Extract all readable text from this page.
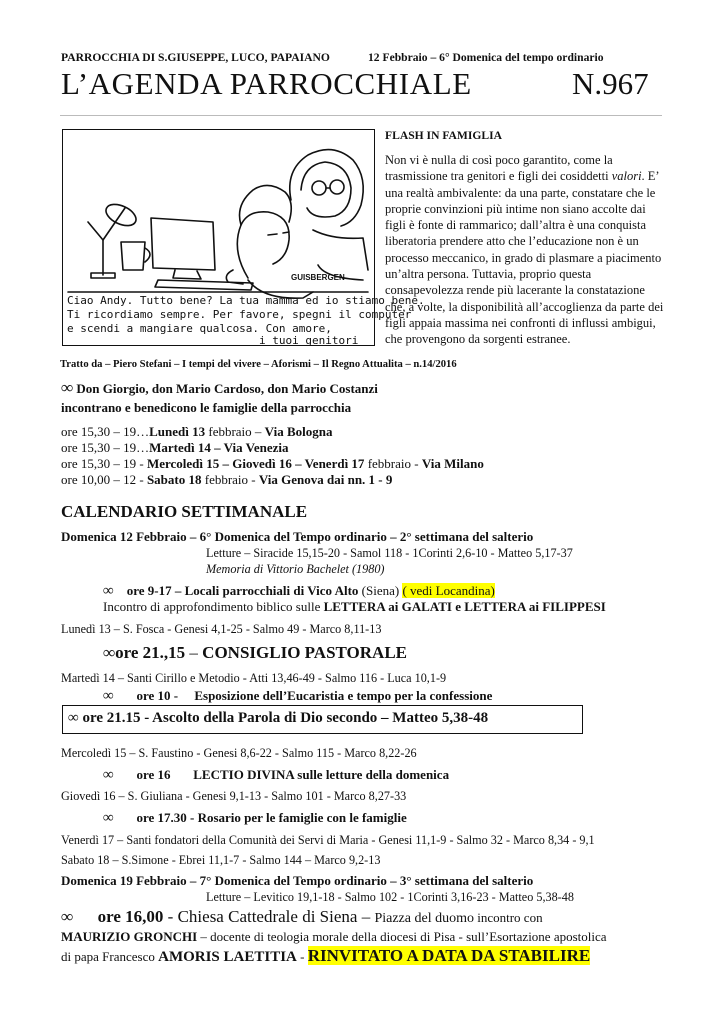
PARROCCHIA DI S.GIUSEPPE, LUCO, PAPAIANO	12 Febbraio – 6° Domenica del tempo ordinario
L’AGENDA PARROCCHIALE	N.967
GUISBERGEN
Ciao Andy. Tutto bene? La tua mamma ed io stiamo bene.
Ti ricordiamo sempre. Per favore, spegni il computer
e scendi a mangiare qualcosa. Con amore,
i tuoi genitori
FLASH IN FAMIGLIA
Non vi è nulla di così poco garantito, come la trasmissione tra genitori e figli dei cosiddetti valori. E’ una realtà ambivalente: da una parte, constatare che le proprie convinzioni più intime non siano accolte dai figli è fonte di rammarico; dall’altra è una conquista liberatoria prendere atto che l’educazione non è un processo meccanico, in grado di plasmare a piacimento un’altra persona. Tuttavia, proprio questa consapevolezza rende più lacerante la constatazione che, a volte, la disponibilità all’accoglienza da parte dei figli appaia massima nei confronti di influssi ambigui, che provengono da sorgenti estranee.
Tratto da – Piero Stefani – I tempi del vivere – Aforismi – Il Regno Attualita – n.14/2016
∞ Don Giorgio, don Mario Cardoso, don Mario Costanzi
incontrano e benedicono le famiglie della parrocchia
ore 15,30 – 19…Lunedì 13 febbraio – Via Bologna
ore 15,30 – 19…Martedì 14 – Via Venezia
ore 15,30 – 19 - Mercoledì 15 – Giovedì 16 – Venerdì 17 febbraio - Via Milano
ore 10,00 – 12 - Sabato 18 febbraio - Via Genova dai nn. 1 - 9
CALENDARIO SETTIMANALE
Domenica 12 Febbraio – 6° Domenica del Tempo ordinario – 2° settimana del salterio
Letture – Siracide 15,15-20 - Samol 118 - 1Corinti 2,6-10 - Matteo 5,17-37
Memoria di Vittorio Bachelet (1980)
∞ ore 9-17 – Locali parrocchiali di Vico Alto (Siena) ( vedi Locandina)
Incontro di approfondimento biblico sulle LETTERA ai GALATI e LETTERA ai FILIPPESI
Lunedì 13 – S. Fosca - Genesi 4,1-25 - Salmo 49 - Marco 8,11-13
∞ore 21.,15 – CONSIGLIO PASTORALE
Martedì 14 – Santi Cirillo e Metodio - Atti 13,46-49 - Salmo 116 - Luca 10,1-9
∞ ore 10 - Esposizione dell’Eucaristia e tempo per la confessione
∞ ore 21.15 - Ascolto della Parola di Dio secondo – Matteo 5,38-48
Mercoledì 15 – S. Faustino - Genesi 8,6-22 - Salmo 115 - Marco 8,22-26
∞ ore 16 LECTIO DIVINA sulle letture della domenica
Giovedì 16 – S. Giuliana - Genesi 9,1-13 - Salmo 101 - Marco 8,27-33
∞ ore 17.30 - Rosario per le famiglie con le famiglie
Venerdì 17 – Santi fondatori della Comunità dei Servi di Maria - Genesi 11,1-9 - Salmo 32 - Marco 8,34 - 9,1
Sabato 18 – S.Simone - Ebrei 11,1-7 - Salmo 144 – Marco 9,2-13
Domenica 19 Febbraio – 7° Domenica del Tempo ordinario – 3° settimana del salterio
Letture – Levitico 19,1-18 - Salmo 102 - 1Corinti 3,16-23 - Matteo 5,38-48
∞ ore 16,00 - Chiesa Cattedrale di Siena – Piazza del duomo incontro con
MAURIZIO GRONCHI – docente di teologia morale della diocesi di Pisa - sull’Esortazione apostolica
di papa Francesco AMORIS LAETITIA - RINVITATO A DATA DA STABILIRE
